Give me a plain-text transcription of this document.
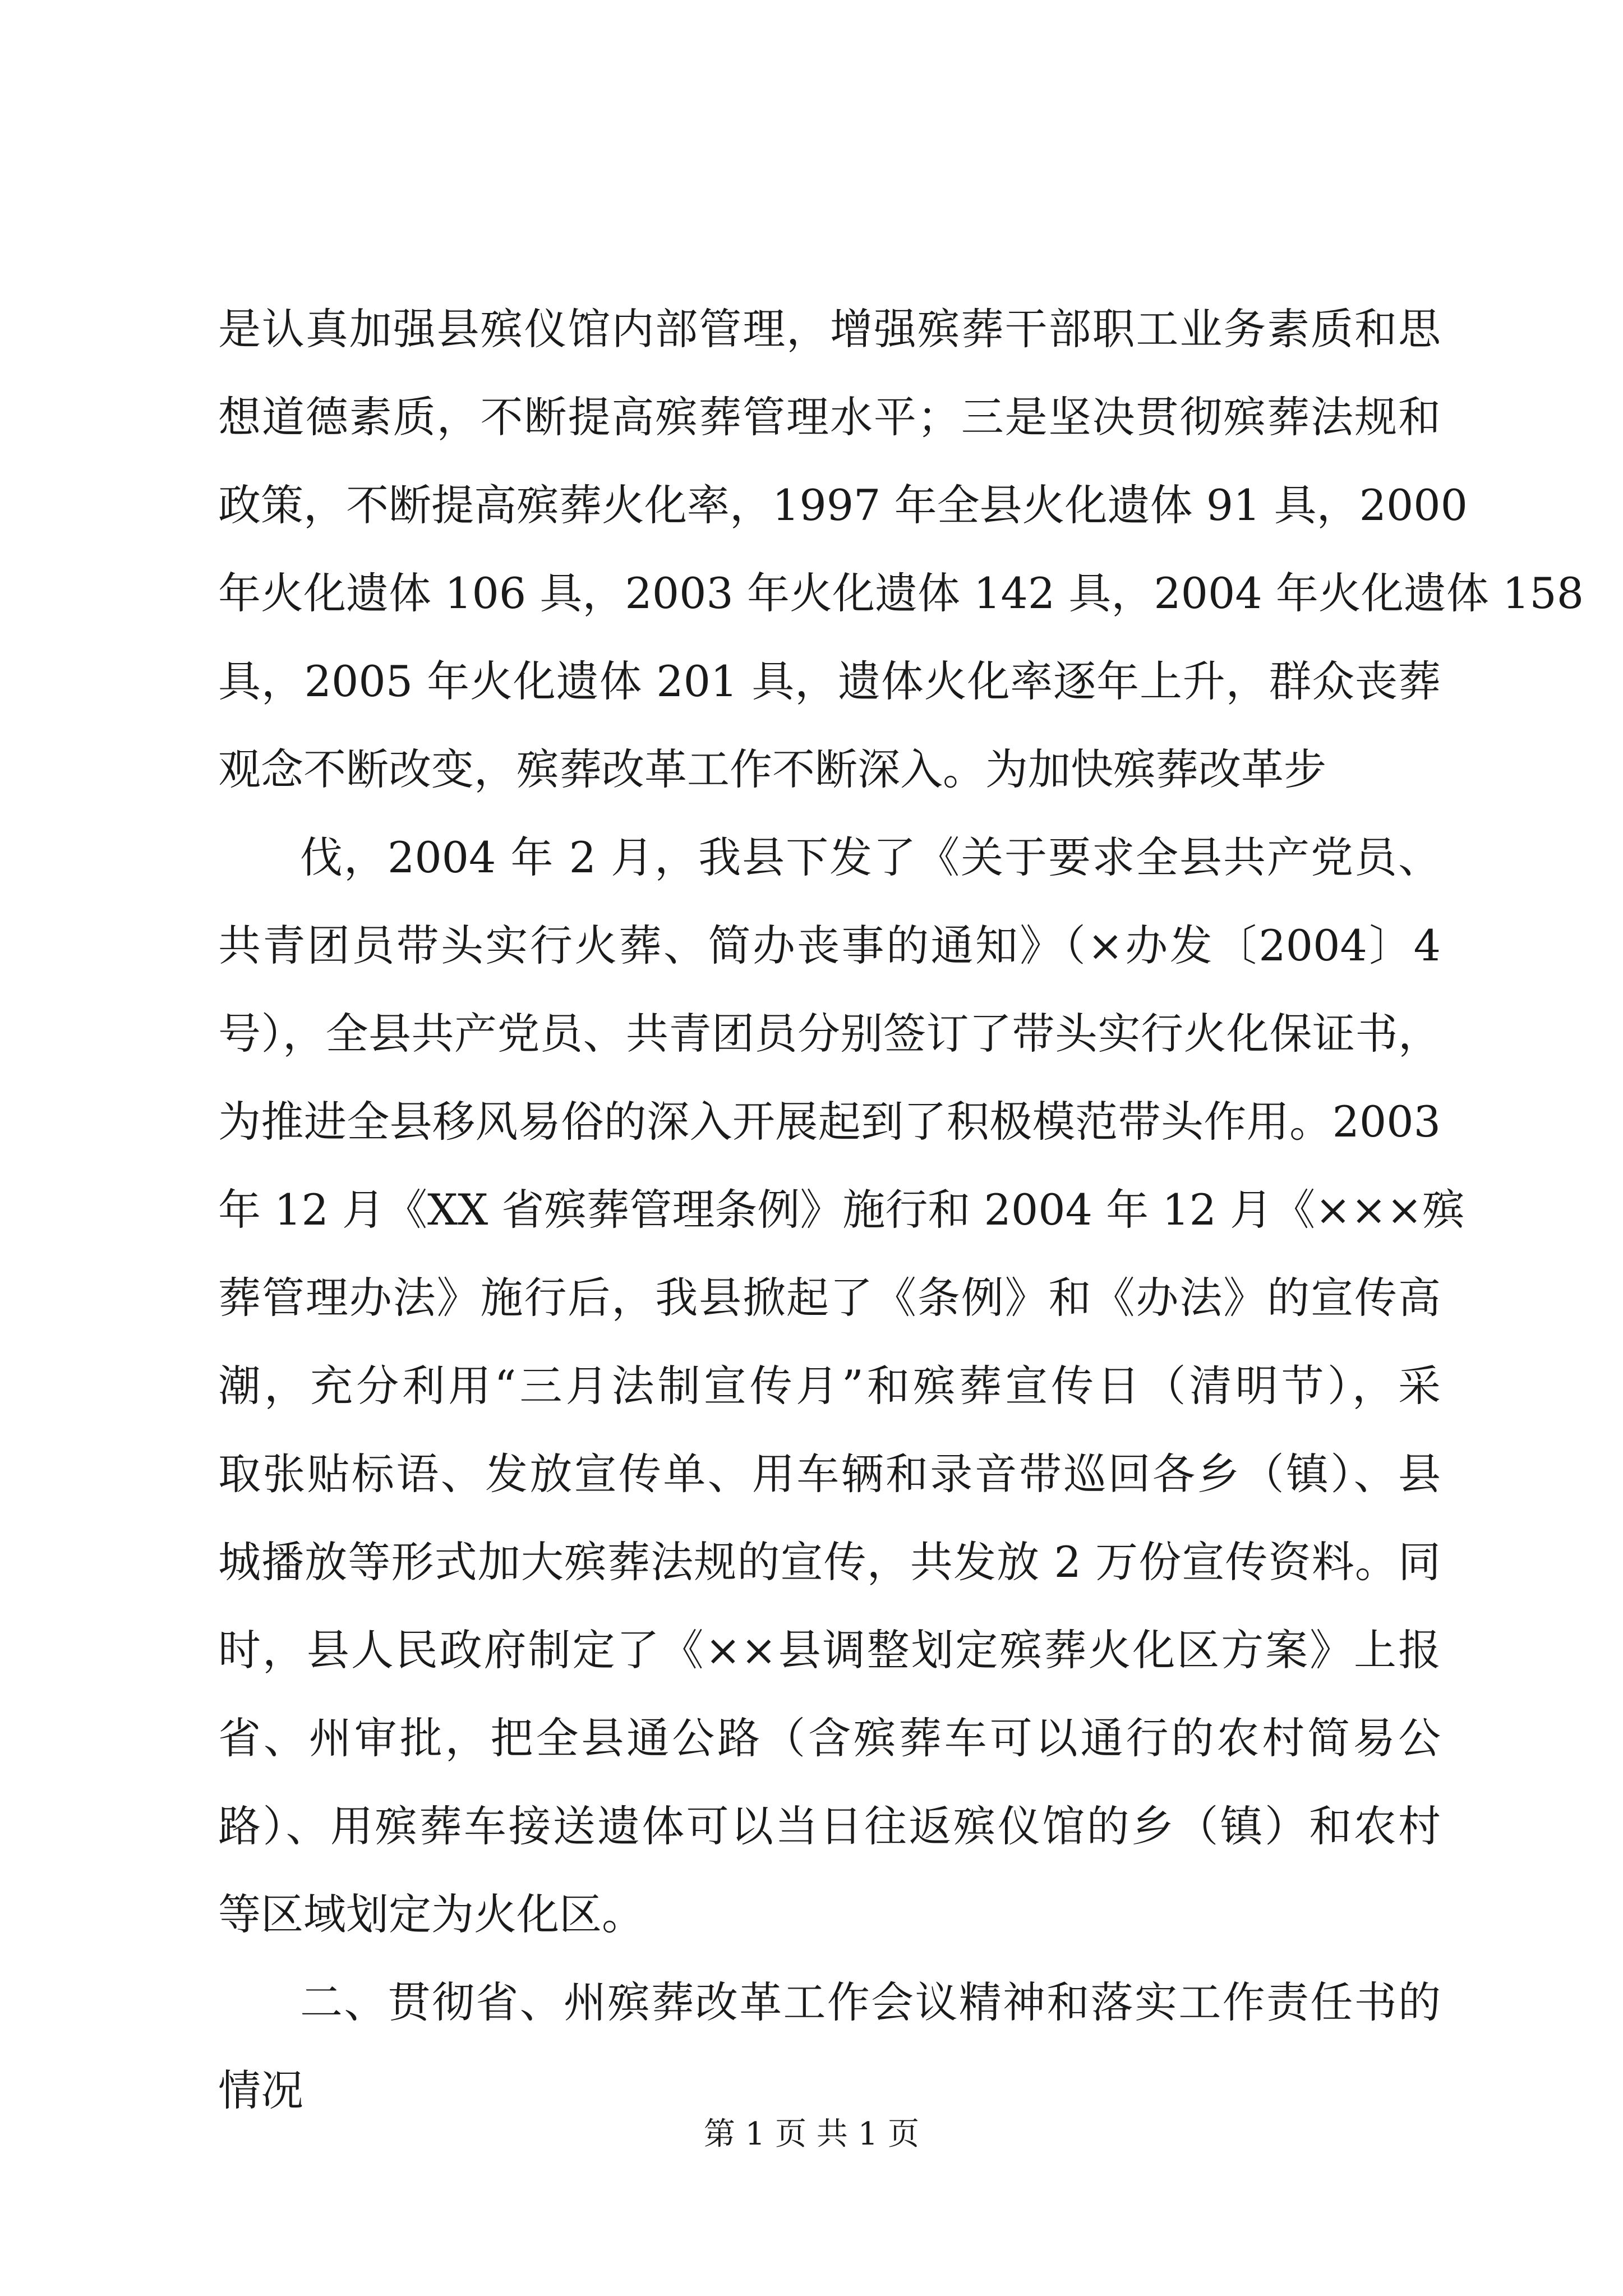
是认真加强县殡仪馆内部管理，增强殡葬干部职工业务素质和思
想道德素质，不断提高殡葬管理水平；三是坚决贯彻殡葬法规和
政策，不断提高殡葬火化率，1997 年全县火化遗体 91 具，2000
年火化遗体 106 具，2003 年火化遗体 142 具，2004 年火化遗体 158
具，2005 年火化遗体 201 具，遗体火化率逐年上升，群众丧葬
观念不断改变，殡葬改革工作不断深入。为加快殡葬改革步
伐，2004 年 2 月，我县下发了《关于要求全县共产党员、
共青团员带头实行火葬、简办丧事的通知》（×办发〔2004〕4
号），全县共产党员、共青团员分别签订了带头实行火化保证书，
为推进全县移风易俗的深入开展起到了积极模范带头作用。2003
年 12 月《XX 省殡葬管理条例》施行和 2004 年 12 月《×××殡
葬管理办法》施行后，我县掀起了《条例》和《办法》的宣传高
潮，充分利用“三月法制宣传月”和殡葬宣传日（清明节），采
取张贴标语、发放宣传单、用车辆和录音带巡回各乡（镇）、县
城播放等形式加大殡葬法规的宣传，共发放 2 万份宣传资料。同
时，县人民政府制定了《××县调整划定殡葬火化区方案》上报
省、州审批，把全县通公路（含殡葬车可以通行的农村简易公
路）、用殡葬车接送遗体可以当日往返殡仪馆的乡（镇）和农村
等区域划定为火化区。
二、贯彻省、州殡葬改革工作会议精神和落实工作责任书的
情况
第 1 页 共 1 页
